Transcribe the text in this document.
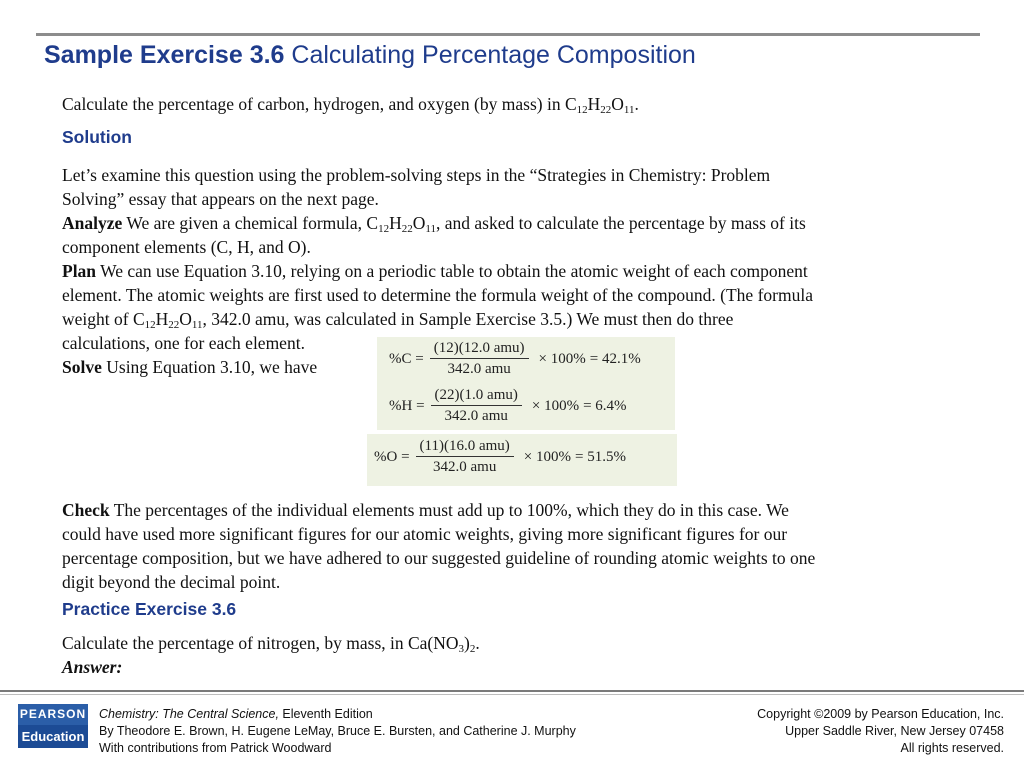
Sample Exercise 3.6 Calculating Percentage Composition
Calculate the percentage of carbon, hydrogen, and oxygen (by mass) in $C_{12}H_{22}O_{11}$.
Solution
Let’s examine this question using the problem-solving steps in the “Strategies in Chemistry: Problem
Solving” essay that appears on the next page.
Analyze We are given a chemical formula, $C_{12}H_{22}O_{11}$, and asked to calculate the percentage by mass of its
component elements (C, H, and O).
Plan We can use Equation 3.10, relying on a periodic table to obtain the atomic weight of each component
element. The atomic weights are first used to determine the formula weight of the compound. (The formula
weight of $C_{12}H_{22}O_{11}$, 342.0 amu, was calculated in Sample Exercise 3.5.) We must then do three
calculations, one for each element.
Solve Using Equation 3.10, we have	$\%C = \frac{\text{(12)(12.0 amu)}}{\text{342.0 amu}} \times 100\% = 42.1\%$
$\%H = \frac{\text{(22)(1.0 amu)}}{\text{342.0 amu}} \times 100\% = 6.4\%$
$\%O = \frac{\text{(11)(16.0 amu)}}{\text{342.0 amu}} \times 100\% = 51.5\%$
Check The percentages of the individual elements must add up to 100%, which they do in this case. We
could have used more significant figures for our atomic weights, giving more significant figures for our
percentage composition, but we have adhered to our suggested guideline of rounding atomic weights to one
digit beyond the decimal point.
Practice Exercise 3.6
Calculate the percentage of nitrogen, by mass, in $Ca(NO_3)_2$.
Answer:
PEARSON
Education
Chemistry: The Central Science, Eleventh Edition
By Theodore E. Brown, H. Eugene LeMay, Bruce E. Bursten, and Catherine J. Murphy
With contributions from Patrick Woodward
Copyright ©2009 by Pearson Education, Inc.
Upper Saddle River, New Jersey 07458
All rights reserved.
